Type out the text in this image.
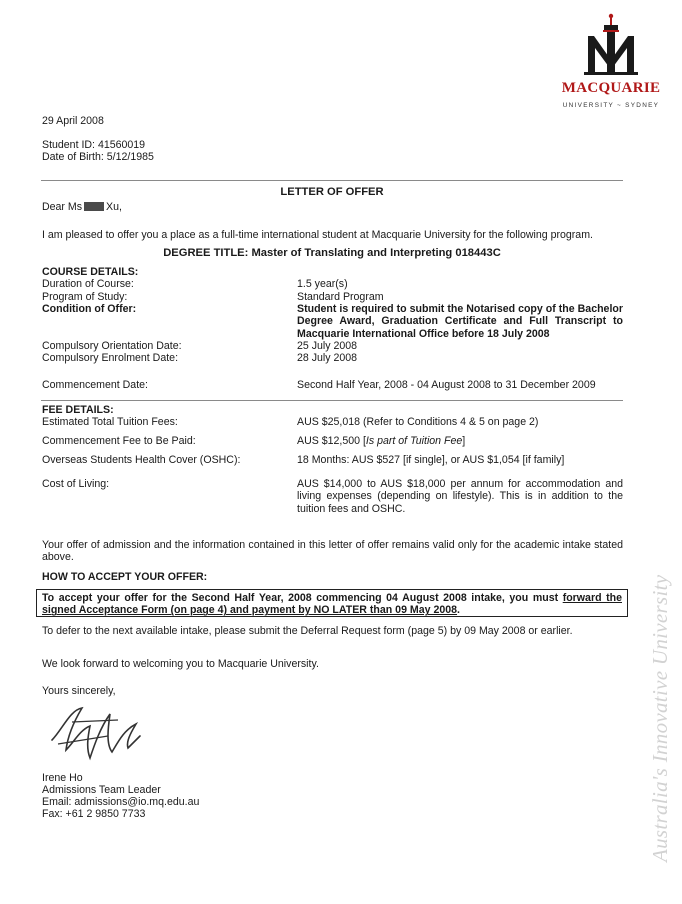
MACQUARIE
UNIVERSITY ~ SYDNEY
Australia's Innovative University
29 April 2008
Student ID: 41560019
Date of Birth: 5/12/1985
LETTER OF OFFER
Dear Ms Xu,
I am pleased to offer you a place as a full-time international student at Macquarie University for the following program.
DEGREE TITLE: Master of Translating and Interpreting 018443C
COURSE DETAILS:
Duration of Course:	1.5 year(s)
Program of Study:	Standard Program
Condition of Offer:	Student is required to submit the Notarised copy of the Bachelor Degree Award, Graduation Certificate and Full Transcript to Macquarie International Office before 18 July 2008
Compulsory Orientation Date:	25 July 2008
Compulsory Enrolment Date:	28 July 2008
Commencement Date:	Second Half Year, 2008 - 04 August 2008 to 31 December 2009
FEE DETAILS:
Estimated Total Tuition Fees:	AUS $25,018 (Refer to Conditions 4 & 5 on page 2)
Commencement Fee to Be Paid:	AUS $12,500 [Is part of Tuition Fee]
Overseas Students Health Cover (OSHC):	18 Months: AUS $527 [if single], or AUS $1,054 [if family]
Cost of Living:	AUS $14,000 to AUS $18,000 per annum for accommodation and living expenses (depending on lifestyle). This is in addition to the tuition fees and OSHC.
Your offer of admission and the information contained in this letter of offer remains valid only for the academic intake stated above.
HOW TO ACCEPT YOUR OFFER:
To accept your offer for the Second Half Year, 2008 commencing 04 August 2008 intake, you must forward the signed Acceptance Form (on page 4) and payment by NO LATER than 09 May 2008.
To defer to the next available intake, please submit the Deferral Request form (page 5) by 09 May 2008 or earlier.
We look forward to welcoming you to Macquarie University.
Yours sincerely,
Irene Ho
Admissions Team Leader
Email: admissions@io.mq.edu.au
Fax: +61 2 9850 7733
